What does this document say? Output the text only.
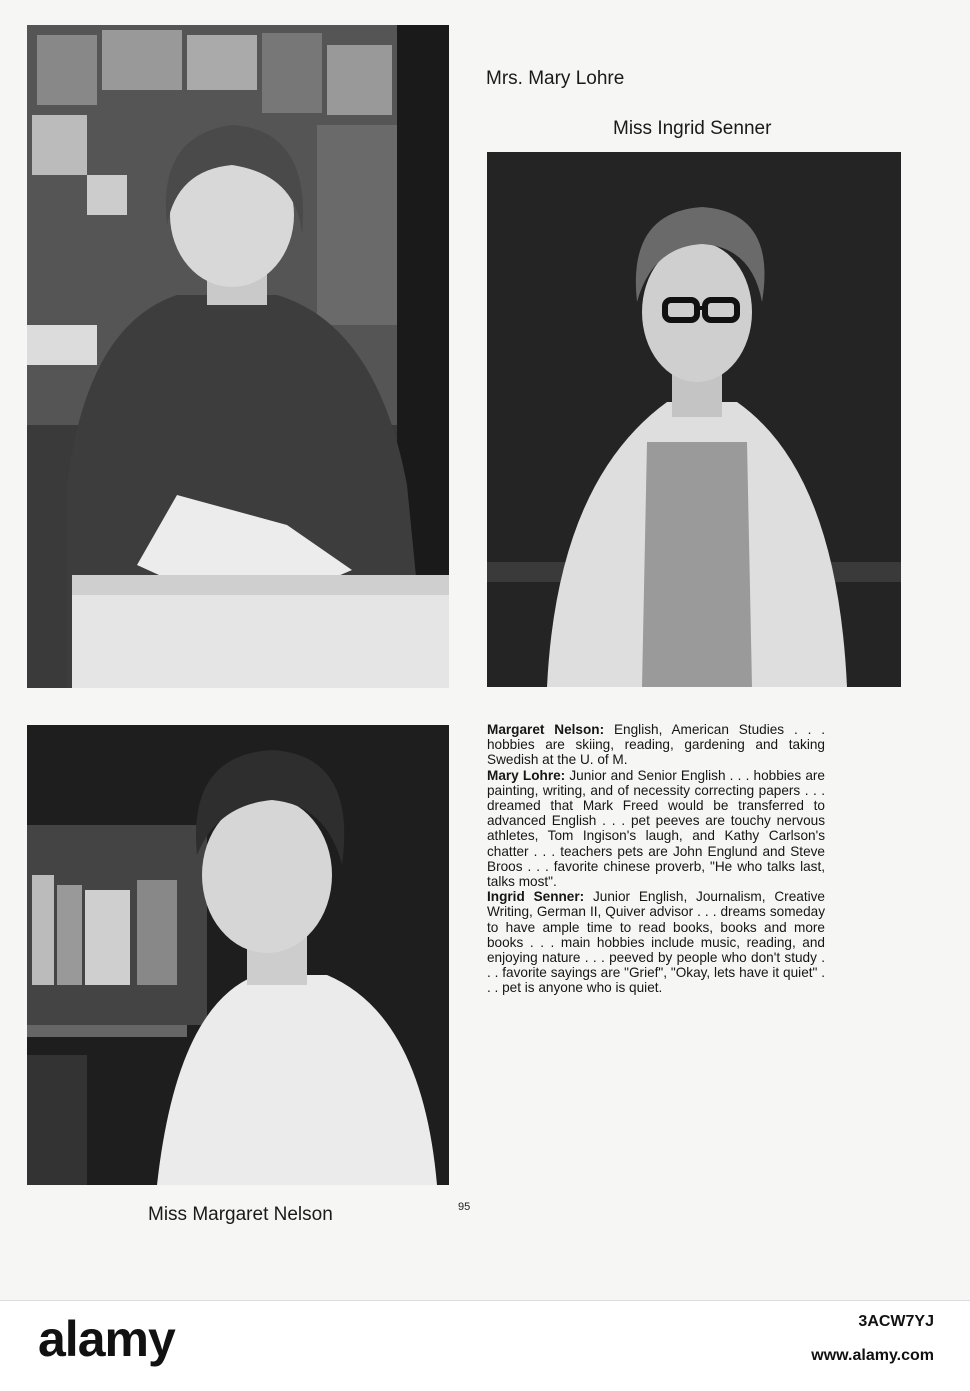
Mrs. Mary Lohre
Miss Ingrid Senner
Miss Margaret Nelson	95

Margaret Nelson: English, American Studies . . . hobbies are skiing, reading, gardening and taking Swedish at the U. of M.

Mary Lohre: Junior and Senior English . . . hobbies are painting, writing, and of necessity correcting papers . . . dreamed that Mark Freed would be transferred to advanced English . . . pet peeves are touchy nervous athletes, Tom Ingison's laugh, and Kathy Carlson's chatter . . . teachers pets are John Englund and Steve Broos . . . favorite chinese proverb, "He who talks last, talks most".

Ingrid Senner: Junior English, Journalism, Creative Writing, German II, Quiver advisor . . . dreams someday to have ample time to read books, books and more books . . . main hobbies include music, reading, and enjoying nature . . . peeved by people who don't study . . . favorite sayings are "Grief", "Okay, lets have it quiet" . . . pet is anyone who is quiet.

alamy	3ACW7YJ
www.alamy.com
